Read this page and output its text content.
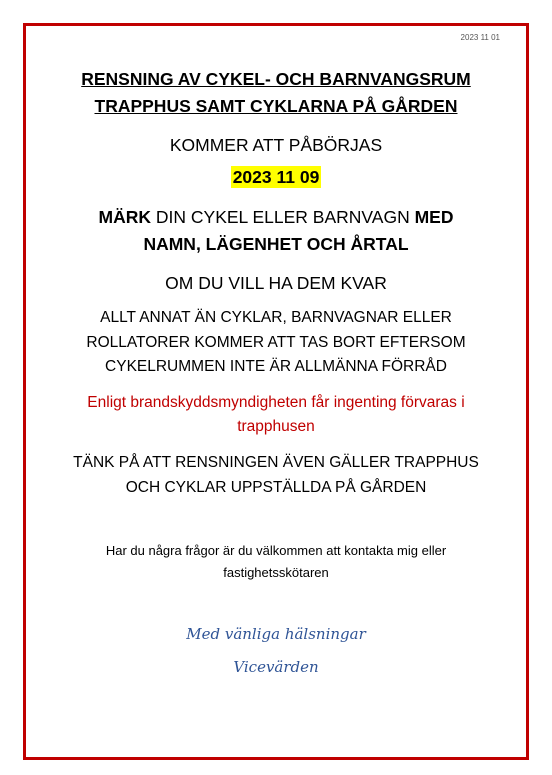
2023 11 01
RENSNING AV CYKEL- OCH BARNVANGSRUM
TRAPPHUS SAMT CYKLARNA PÅ GÅRDEN
KOMMER ATT PÅBÖRJAS
2023 11 09
MÄRK DIN CYKEL ELLER BARNVAGN MED
NAMN, LÄGENHET OCH ÅRTAL
OM DU VILL HA DEM KVAR
ALLT ANNAT ÄN CYKLAR, BARNVAGNAR ELLER
ROLLATORER KOMMER ATT TAS BORT EFTERSOM
CYKELRUMMEN INTE ÄR ALLMÄNNA FÖRRÅD
Enligt brandskyddsmyndigheten får ingenting förvaras i
trapphusen
TÄNK PÅ ATT RENSNINGEN ÄVEN GÄLLER TRAPPHUS
OCH CYKLAR UPPSTÄLLDA PÅ GÅRDEN
Har du några frågor är du välkommen att kontakta mig eller
fastighetsskötaren
Med vänliga hälsningar
Vicevärden
